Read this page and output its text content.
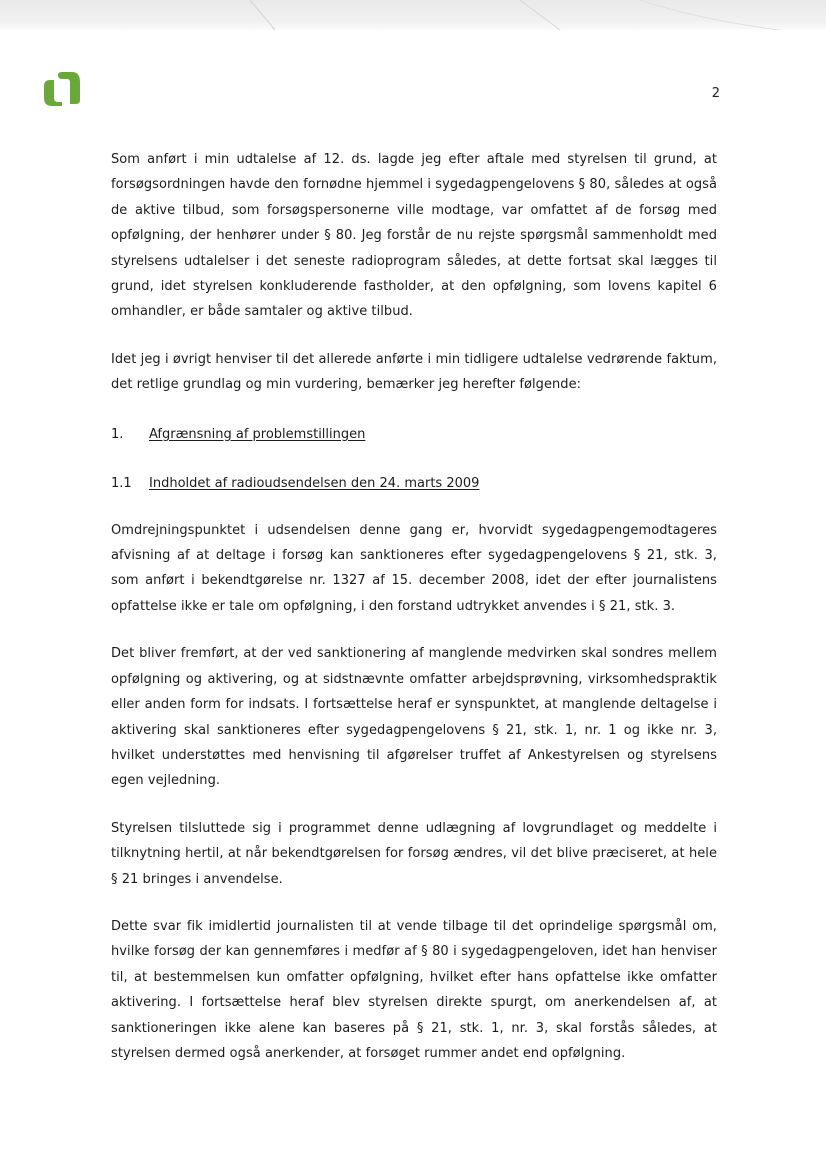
2

Som anført i min udtalelse af 12. ds. lagde jeg efter aftale med styrelsen til grund, at forsøgsordningen havde den fornødne hjemmel i sygedagpengelovens § 80, således at også de aktive tilbud, som forsøgspersonerne ville modtage, var omfattet af de forsøg med opfølgning, der henhører under § 80. Jeg forstår de nu rejste spørgsmål sammenholdt med styrelsens udtalelser i det seneste radioprogram således, at dette fortsat skal lægges til grund, idet styrelsen konkluderende fastholder, at den opfølgning, som lovens kapitel 6 omhandler, er både samtaler og aktive tilbud.

Idet jeg i øvrigt henviser til det allerede anførte i min tidligere udtalelse vedrørende faktum, det retlige grundlag og min vurdering, bemærker jeg herefter følgende:

1.	Afgrænsning af problemstillingen
1.1	Indholdet af radioudsendelsen den 24. marts 2009

Omdrejningspunktet i udsendelsen denne gang er, hvorvidt sygedagpengemodtageres afvisning af at deltage i forsøg kan sanktioneres efter sygedagpengelovens § 21, stk. 3, som anført i bekendtgørelse nr. 1327 af 15. december 2008, idet der efter journalistens opfattelse ikke er tale om opfølgning, i den forstand udtrykket anvendes i § 21, stk. 3.

Det bliver fremført, at der ved sanktionering af manglende medvirken skal sondres mellem opfølgning og aktivering, og at sidstnævnte omfatter arbejdsprøvning, virksomhedspraktik eller anden form for indsats. I fortsættelse heraf er synspunktet, at manglende deltagelse i aktivering skal sanktioneres efter sygedagpengelovens § 21, stk. 1, nr. 1 og ikke nr. 3, hvilket understøttes med henvisning til afgørelser truffet af Ankestyrelsen og styrelsens egen vejledning.

Styrelsen tilsluttede sig i programmet denne udlægning af lovgrundlaget og meddelte i tilknytning hertil, at når bekendtgørelsen for forsøg ændres, vil det blive præciseret, at hele § 21 bringes i anvendelse.

Dette svar fik imidlertid journalisten til at vende tilbage til det oprindelige spørgsmål om, hvilke forsøg der kan gennemføres i medfør af § 80 i sygedagpengeloven, idet han henviser til, at bestemmelsen kun omfatter opfølgning, hvilket efter hans opfattelse ikke omfatter aktivering. I fortsættelse heraf blev styrelsen direkte spurgt, om anerkendelsen af, at sanktioneringen ikke alene kan baseres på § 21, stk. 1, nr. 3, skal forstås således, at styrelsen dermed også anerkender, at forsøget rummer andet end opfølgning.
